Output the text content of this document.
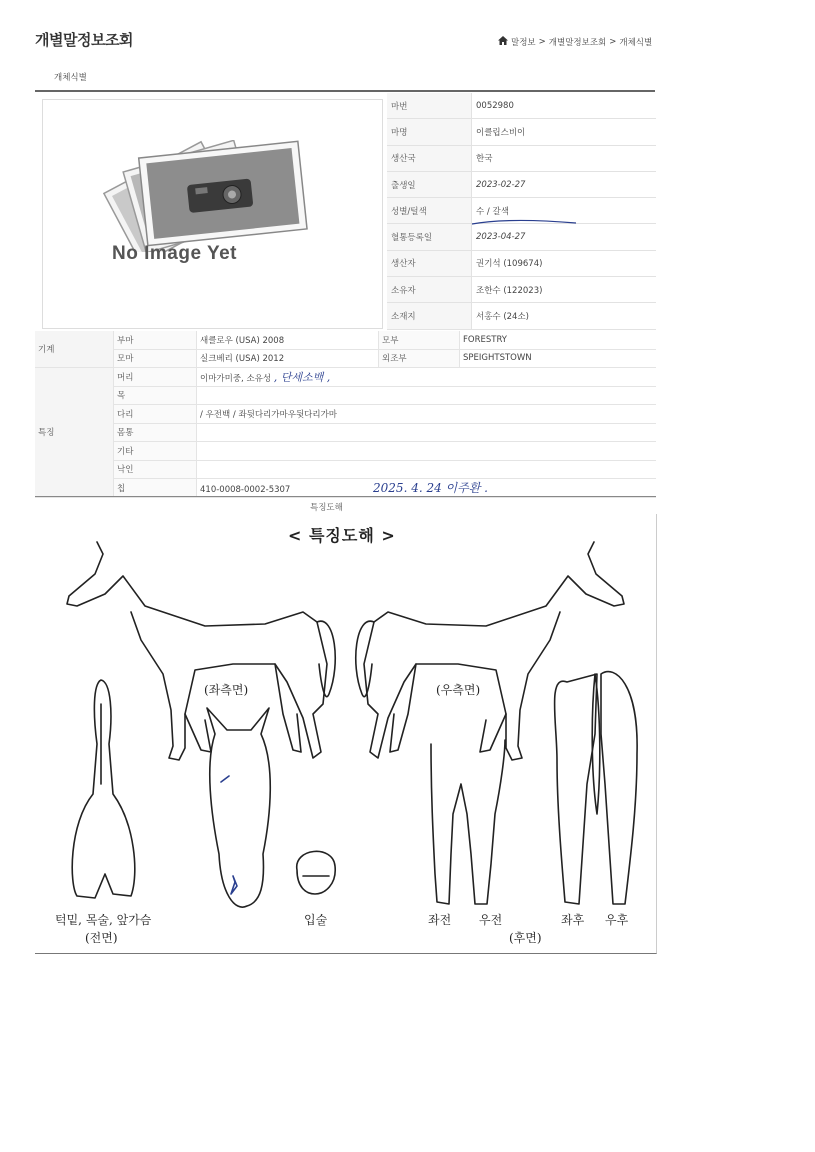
개별말정보조회	말정보 > 개별말정보조회 > 개체식별
개체식별
No Image Yet
마번	0052980
마명	이클립스비이
생산국	한국
출생일	2023-02-27
성별/털색	수 / 갈색
혈통등록일	2023-04-27
생산자	권기석 (109674)
소유자	조한수 (122023)
소재지	서홍수 (24소)
기계	부마	새클로우 (USA) 2008	모부	FORESTRY
	모마	실크베리 (USA) 2012	외조부	SPEIGHTSTOWN
특징	머리	이마가미중, 소유성 , 단세소백 ,		
	목			
	다리	/ 우전백 / 좌뒷다리가마우뒷다리가마		
	몸통			
	기타			
	낙인			
	칩	410-0008-0002-5307 2025. 4. 24 이주환 .		
특징도해
< 특징도해 >
(좌측면)	(우측면)
턱밑, 목술, 앞가슴
(전면)
입술	좌전 우전	좌후 우후
(후면)
